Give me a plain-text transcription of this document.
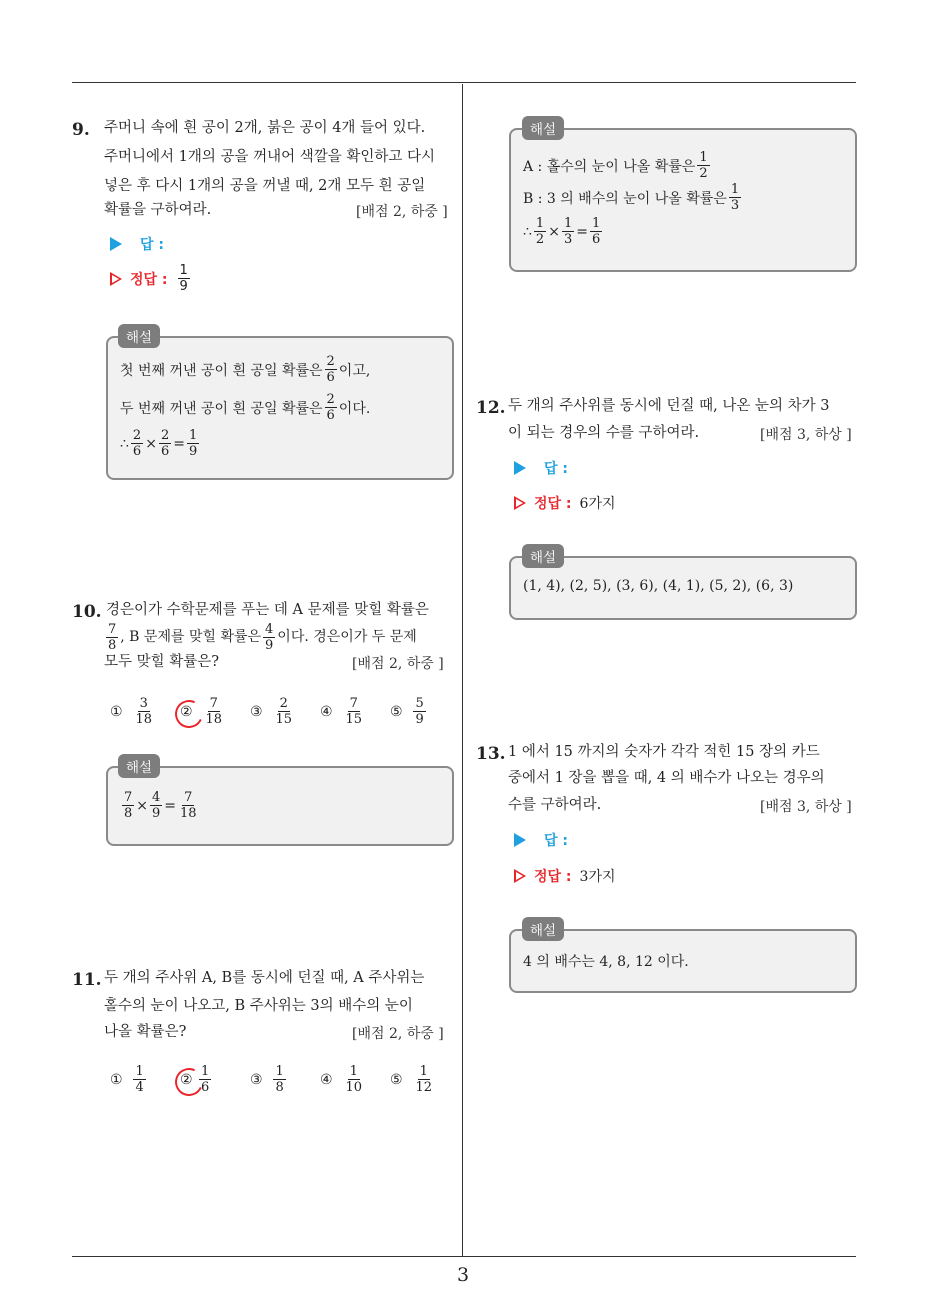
9. 주머니 속에 흰 공이 2개, 붉은 공이 4개 들어 있다.
주머니에서 1개의 공을 꺼내어 색깔을 확인하고 다시
넣은 후 다시 1개의 공을 꺼낼 때, 2개 모두 흰 공일
확률을 구하여라.	[배점 2, 하중 ]
답 :
정답 : $\frac{1}{9}$
첫 번째 꺼낸 공이 흰 공일 확률은 $\frac{2}{6}$ 이고,
두 번째 꺼낸 공이 흰 공일 확률은 $\frac{2}{6}$ 이다.
∴ $\frac{2}{6} \times \frac{2}{6} = \frac{1}{9}$
해설
10. 경은이가 수학문제를 푸는 데 A 문제를 맞힐 확률은
$\frac{7}{8}$ , B 문제를 맞힐 확률은 $\frac{4}{9}$ 이다. 경은이가 두 문제
모두 맞힐 확률은?	[배점 2, 하중 ]
①
$\frac{3}{18}$ ②
$\frac{7}{18}$ ③
$\frac{2}{15}$ ④
$\frac{7}{15}$ ⑤
$\frac{5}{9}$
$\frac{7}{8} \times \frac{4}{9} = \frac{7}{18}$
해설
11. 두 개의 주사위 A, B를 동시에 던질 때, A 주사위는
홀수의 눈이 나오고, B 주사위는 3의 배수의 눈이
나올 확률은?	[배점 2, 하중 ]
①
$\frac{1}{4}$ ②
$\frac{1}{6}$	③
$\frac{1}{8}$ ④
$\frac{1}{10}$ ⑤
$\frac{1}{12}$
A : 홀수의 눈이 나올 확률은 $\frac{1}{2}$
B : 3 의 배수의 눈이 나올 확률은 $\frac{1}{3}$
∴ $\frac{1}{2} \times \frac{1}{3} = \frac{1}{6}$
해설
12. 두 개의 주사위를 동시에 던질 때, 나온 눈의 차가 3
이 되는 경우의 수를 구하여라.	[배점 3, 하상 ]
답 :
정답 : 6가지
(1, 4), (2, 5), (3, 6), (4, 1), (5, 2), (6, 3)
해설
13. 1 에서 15 까지의 숫자가 각각 적힌 15 장의 카드
중에서 1 장을 뽑을 때, 4 의 배수가 나오는 경우의
수를 구하여라.	[배점 3, 하상 ]
답 :
정답 : 3가지
4 의 배수는 4, 8, 12 이다.
해설
3
